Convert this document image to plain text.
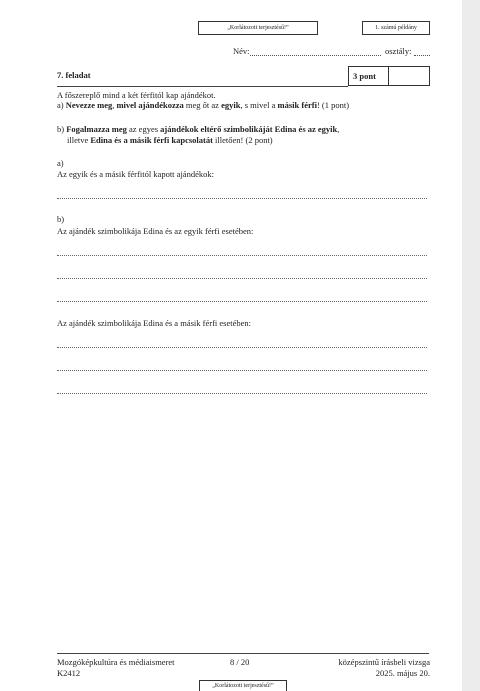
„Korlátozott terjesztésű!”	1. számú példány
Név:	osztály:
7. feladat	3 pont
A főszereplő mind a két férfitól kap ajándékot.
a) Nevezze meg, mivel ajándékozza meg őt az egyik, s mivel a másik férfi! (1 pont)
b) Fogalmazza meg az egyes ajándékok eltérő szimbolikáját Edina és az egyik,
illetve Edina és a másik férfi kapcsolatát illetően! (2 pont)
a)
Az egyik és a másik férfitól kapott ajándékok:
b)
Az ajándék szimbolikája Edina és az egyik férfi esetében:
Az ajándék szimbolikája Edina és a másik férfi esetében:
Mozgóképkultúra és médiaismeret
K2412
8 / 20	középszintű írásbeli vizsga
2025. május 20.
„Korlátozott terjesztésű!”
